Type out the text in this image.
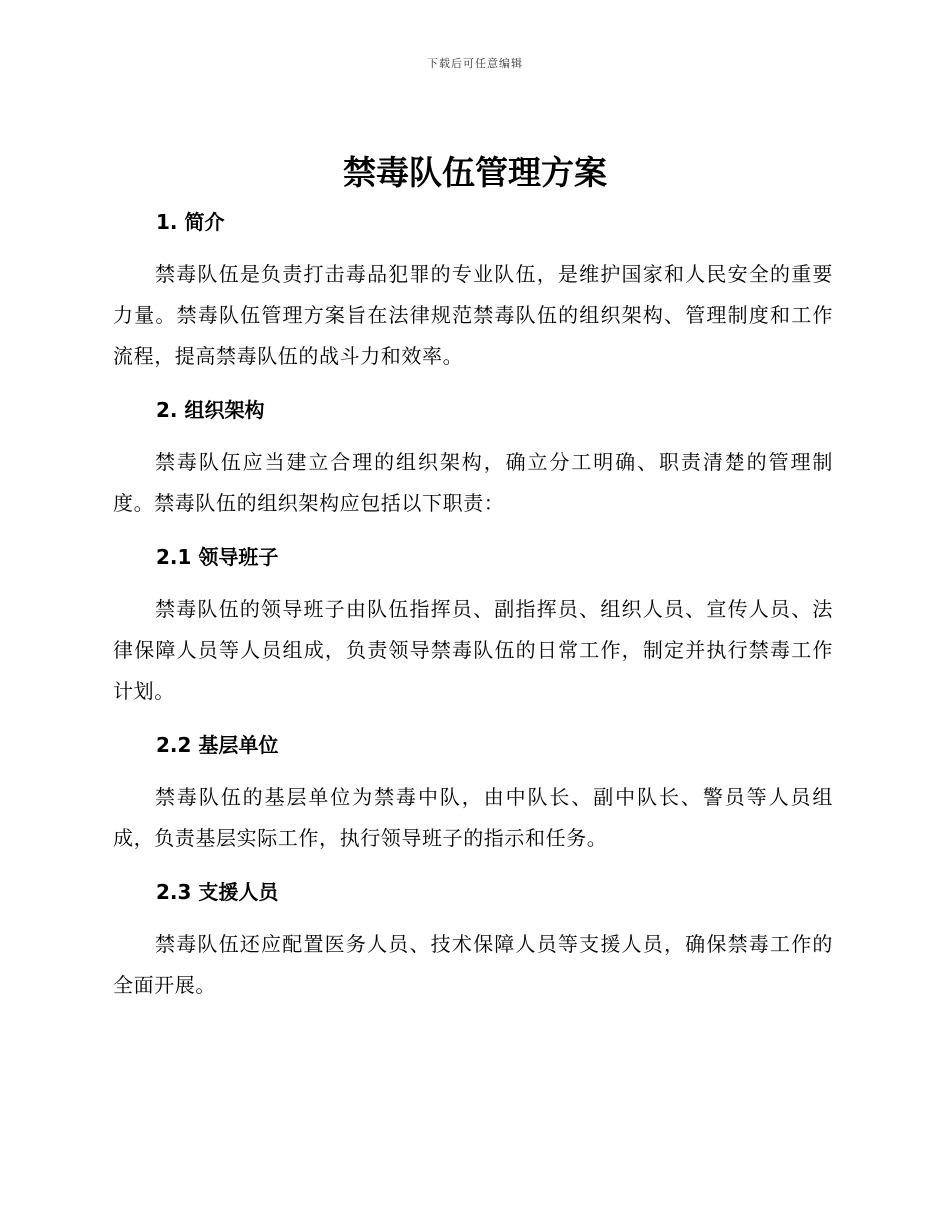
下载后可任意编辑
禁毒队伍管理方案
1. 简介

禁毒队伍是负责打击毒品犯罪的专业队伍，是维护国家和人民安全的重要力量。禁毒队伍管理方案旨在法律规范禁毒队伍的组织架构、管理制度和工作流程，提高禁毒队伍的战斗力和效率。

2. 组织架构

禁毒队伍应当建立合理的组织架构，确立分工明确、职责清楚的管理制度。禁毒队伍的组织架构应包括以下职责：

2.1 领导班子

禁毒队伍的领导班子由队伍指挥员、副指挥员、组织人员、宣传人员、法律保障人员等人员组成，负责领导禁毒队伍的日常工作，制定并执行禁毒工作计划。

2.2 基层单位

禁毒队伍的基层单位为禁毒中队，由中队长、副中队长、警员等人员组成，负责基层实际工作，执行领导班子的指示和任务。

2.3 支援人员

禁毒队伍还应配置医务人员、技术保障人员等支援人员，确保禁毒工作的全面开展。
